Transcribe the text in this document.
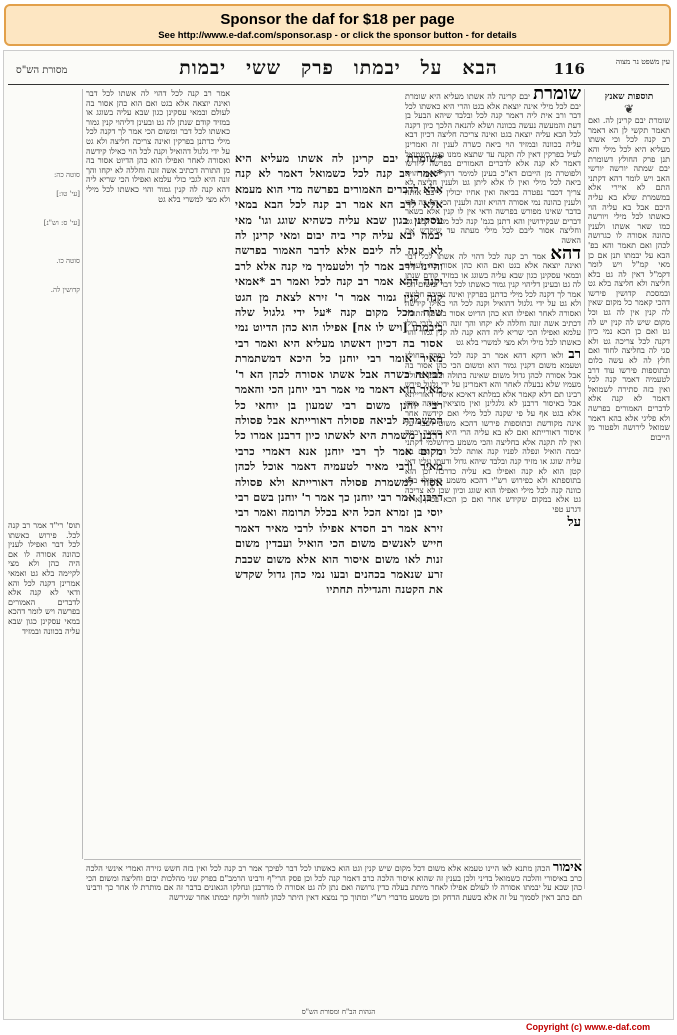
Sponsor the daf for $18 per page
See http://www.e-daf.com/sponsor.asp - or click the sponsor button - for details
מסורת הש"ס	הבאעליבמתופרקששייבמות	116	עין משפט נר מצוה
תוספות שאנץ
❦
שומרת יבם קרינן לה. ואם תאמר תקשי לן הא דאמר רב קנה לכל וכי אשתו מעליא היא לכל מילי והא תנן פרק החולץ דשומרת יבם שמתה יורשה יורשי האב ויש לומר דהא דקתני התם לא איירי אלא במשמרת שלא בא עליה היבם אבל בא עליה הוי כאשתו לכל מילי ויורשה כמו שאר אשתו ולענין כהונה אסורה לו כגרושה לכהן ואם תאמר והא בפ' הבא על יבמתו תנן אם כן מאי קמ"ל ויש לומר דקמ"ל דאין לה גט בלא חליצה ולא חליצה בלא גט ובמסכת קדושין פירשו דהכי קאמר כל מקום שאין לה קנין אין לה גט וכל מקום שיש לה קנין יש לה גט ואם כן הכא נמי כיון דקנה לכל צריכה גט ולא סגי לה בחליצה לחוד ואם חלץ לה לא עשה כלום ובתוספות פירשו עוד דרב לטעמיה דאמר קנה לכל ואין בזה סתירה לשמואל דאמר לא קנה אלא לדברים האמורים בפרשה ולא פליגי אלא בהא דאמר שמואל לירושה ולפטור מן הייבום
שומרת יבם קרינה לה אשתו מעליא היא שומרת יבם לכל מילי אינה יוצאת אלא בגט והרי היא כאשתו לכל דבר ורב אית ליה דאמר קנה לכל ובלבד שיהא הבעל בן דעת והמעשה נעשה בכוונה ושלא להנאה הלכך כיון דקנה לכל הבא עליה יוצאה בגט ואינה צריכה חליצה דכיון דבא עליה בכוונה ובמזיד הוי ביאה כשרה לענין זה ואמרינן לעיל בפרקין דאין לה תקנה עד שתצא ממנו בגט כשמואל דאמר לא קנה אלא לדברים האמורים בפרשה ליורשו ולפוטרה מן הייבום דא"כ בעינן למימר דהך ביאה הויא ביאה לכל מילי ואין לו אלא ליתן גט ולענין חליצה לא צריך דכבר נפטרה בביאה ואין אחיו יכולין לייבם אותה ולענין כהונה נמי אסורה דהויא זונה ולענין הכי דנו בה הכי בדבר שאינו מפורש בפרשה ודאי אין לו קנין אלא בשאר דברים שבקידושין והא דתנן בגמ' קנה לכל מכלל דבעי גט וחליצה אסור ליבם לכל מילי מעתה עד שיקדש את האשה
דהא אמר רב קנה לכל דהוי לה אשתו לכל דבר ואינה יוצאה אלא בגט ואם הוא כהן אסור בה לעולם ובמאי עסקינן כגון שבא עליה בשוגג או במזיד קודם שנתן לה גט ובעינן דליהוי קנין גמור כאשתו לכל דבר ומשום הכי אמר לך דקנה לכל מילי כדתנן בפרקין ואינה צריכה חליצה ולא גט על ידי גלגול דהואיל וקנה לכל הוי כאילו קידשה ואסורה לאחר ואפילו הוא כהן הדיוט אסור בה מן התורה דכתיב אשה זונה וחללה לא יקחו והך זונה היא לגבי כולי עלמא ואפילו הכי שריא ליה דהא קנה לה קנין גמור והוי כאשתו לכל מילי ולא מצי למשרי בלא גט
רב ולאו דוקא דהא אמר רב קנה לכל בפרק החולץ וטעמא משום דקנין גמור הוא ומשום הכי כהן אסור בה אבל אסורה לכהן גדול משום שאינה בתולה ובעינן בתולה מעמיו שלא נבעלה לאחר והא דאמרינן על ידי גלגול פירש רבינו תם דלא קאמר אלא במלתא דאיכא איסור דאורייתא אבל באיסור דרבנן לא גלגלינן ואין מוציאין אותה מידו אלא בגט אף על פי שקנה לכל מילי ואם קידשה אחר אינה מקודשת ובתוספות פירשו דהכא משום דעבר על איסור דאורייתא ואם לא בא עליה הרי היא כשאר יבמה ואין לה תקנה אלא בחליצה והכי משמע בירושלמי דקתני יבמה הואיל ונפלה לפניו קנה אותה לכל דבר ואם בא עליה שוגג או מזיד קנה ובלבד שיהא גדול ודעתו עליו דאי קטן הוא לא קנה ואפילו בא עליה כדרכה וכן הוא בתוספתא ולא כפירוש רש"י דהכא משמע דאפילו בלא כוונה קנה לכל מילי ואפילו הוא שוגג וכיון שכן לא צריכה גט אלא במקום שקידש אחר ואם כן הכא בכהן איירי דגרע טפי
על
*שומרת יבם קרינן לה אשתו מעליא היא *אמר רב קנה לכל כשמואל דאמר לא קנה אלא לדברים האמורים בפרשה מדי הוא מעמא אלא לרב הא אמר רב קנה לכל הבא במאי עסקינן כגון שבא עליה כשהיא שוגג וגו' מאי יבמה יבא עליה קרי ביה יבום ומאי קרינן לה לא קנה לה ליבם אלא לדבר האמור בפרשה והיינו דרב אמר לך ולטעמיך מי קנה אלא לרב וקנה דהא אמר רב קנה לכל ואמר רב *אמאי קנה קנין גמור אמר ר' זירא לצאת מן הגט שלה מכל מקום קנה *על ידי גלגול שלה ביבמתו [ויש לו אח] אפילו הוא כהן הדיוט נמי אסור בה דכיון דאשתו מעליא היא ואמר רבי מאיר אומר רבי יוחנן כל היכא דמשתמרת לביאה כשרה אבל אשתו אסורה לכהן הא ר' מאיר הוא דאמר מי אמר רבי יוחנן הכי והאמר רבי יוחנן משום רבי שמעון בן יוחאי כל המשמרת לביאה פסולה דאורייתא אבל פסולה דרבנן משמרת היא לאשתו כיון דרבנן אמרו כל מקום אמר לך רבי יוחנן אנא דאמרי כרבי מאיר ורבי מאיר לטעמיה דאמר אוכל לכהן אסור למשמרת פסולה דאורייתא ולא פסולה דרבנן אמר רבי יוחנן כך אמר ר' יוחנן בשם רבי יוסי בן זמרא הכל היא בכלל תרומה ואמר רבי זירא אמר רב חסדא אפילו לרבי מאיר דאמר חייש לאנשים משום הכי הואיל ועבדין משום זנות לאו משום איסור הוא אלא משום שכבת זרע שנאמר בכהנים ובעו נמי כהן גדול שקדש את הקטנה והגדילה תחתיו
אמר רב קנה לכל דהוי לה אשתו לכל דבר ואינה יוצאה אלא בגט ואם הוא כהן אסור בה לעולם ובמאי עסקינן כגון שבא עליה בשוגג או במזיד קודם שנתן לה גט ובעינן דליהוי קנין גמור כאשתו לכל דבר ומשום הכי אמר לך דקנה לכל מילי כדתנן בפרקין ואינה צריכה חליצה ולא גט על ידי גלגול דהואיל וקנה לכל הוי כאילו קידשה ואסורה לאחר ואפילו הוא כהן הדיוט אסור בה מן התורה דכתיב אשה זונה וחללה לא יקחו והך זונה היא לגבי כולי עלמא ואפילו הכי שריא ליה דהא קנה לה קנין גמור והוי כאשתו לכל מילי ולא מצי למשרי בלא גט
סוטה כה:

[עי' טו:]

[עי' ס: וש"נ]

סוטה כו.

קדושין לה.
תוס' רי"ד אמר רב קנה לכל. פירוש כאשתו לכל דבר ואפילו לענין כהונה אסורה לו אם היה כהן ולא מצי לקיימה בלא גט ואמאי אמרינן דקנה לכל והא ודאי לא קנה אלא לדברים האמורים בפרשה ויש לומר דהכא במאי עסקינן כגון שבא עליה בכוונה ובמזיד
אימור הכהן מתנא לאו היינו טעמא אלא משום דכל מקום שיש קנין וגט הוא כאשתו לכל דבר לפיכך אמר רב קנה לכל ואין בזה חשש גזירה ואמרי אינשי הלכה כרב באיסורי והלכה כשמואל בדיני ולכן בענין זה שהוא איסור הלכה כרב דאמר קנה לכל וכן פסק הרי"ף ורבינו הרמב"ם בפרק שני מהלכות יבום וחליצה ומשום הכי כהן שבא על יבמתו אסורה לו לעולם אפילו לאחר מיתת בעלה כדין גרושה ואם נתן לה גט אסורה לו מדרבנן ונחלקו הגאונים בדבר זה אם מותרת לו אחר כך ורבינו תם כתב דאין לסמוך על זה אלא בשעת הדחק וכן משמע מדברי רש"י ומתוך כך נמצא דאין היתר לכהן לחזור וליקח יבמתו אחר שגירשה
הגהות הב"ח ומסורת הש"ס
Copyright (c) www.e-daf.com
